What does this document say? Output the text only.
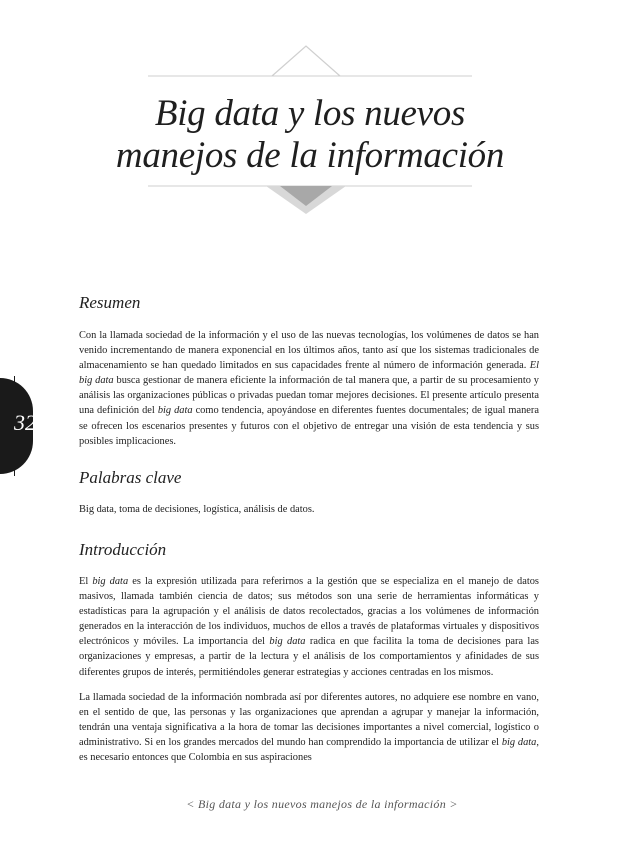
Big data y los nuevos
manejos de la información
32
Resumen

Con la llamada sociedad de la información y el uso de las nuevas tecnologías, los volúmenes de datos se han venido incrementando de manera exponencial en los últimos años, tanto así que los sistemas tradicionales de almacenamiento se han quedado limitados en sus capacidades frente al número de información generada. El big data busca gestionar de manera eficiente la información de tal manera que, a partir de su procesamiento y análisis las organizaciones públicas o privadas puedan tomar mejores decisiones. El presente artículo presenta una definición del big data como tendencia, apoyándose en diferentes fuentes documentales; de igual manera se ofrecen los escenarios presentes y futuros con el objetivo de entregar una visión de esta tendencia y sus posibles implicaciones.

Palabras clave

Big data, toma de decisiones, logística, análisis de datos.

Introducción

El big data es la expresión utilizada para referirnos a la gestión que se especializa en el manejo de datos masivos, llamada también ciencia de datos; sus métodos son una serie de herramientas informáticas y estadísticas para la agrupación y el análisis de datos recolectados, gracias a los volúmenes de información generados en la interacción de los individuos, muchos de ellos a través de plataformas virtuales y dispositivos electrónicos y móviles. La importancia del big data radica en que facilita la toma de decisiones para las organizaciones y empresas, a partir de la lectura y el análisis de los comportamientos y afinidades de sus diferentes grupos de interés, permitiéndoles generar estrategias y acciones centradas en los mismos.

La llamada sociedad de la información nombrada así por diferentes autores, no adquiere ese nombre en vano, en el sentido de que, las personas y las organizaciones que aprendan a agrupar y manejar la información, tendrán una ventaja significativa a la hora de tomar las decisiones importantes a nivel comercial, logístico o administrativo. Si en los grandes mercados del mundo han comprendido la importancia de utilizar el big data, es necesario entonces que Colombia en sus aspiraciones

< Big data y los nuevos manejos de la información >
